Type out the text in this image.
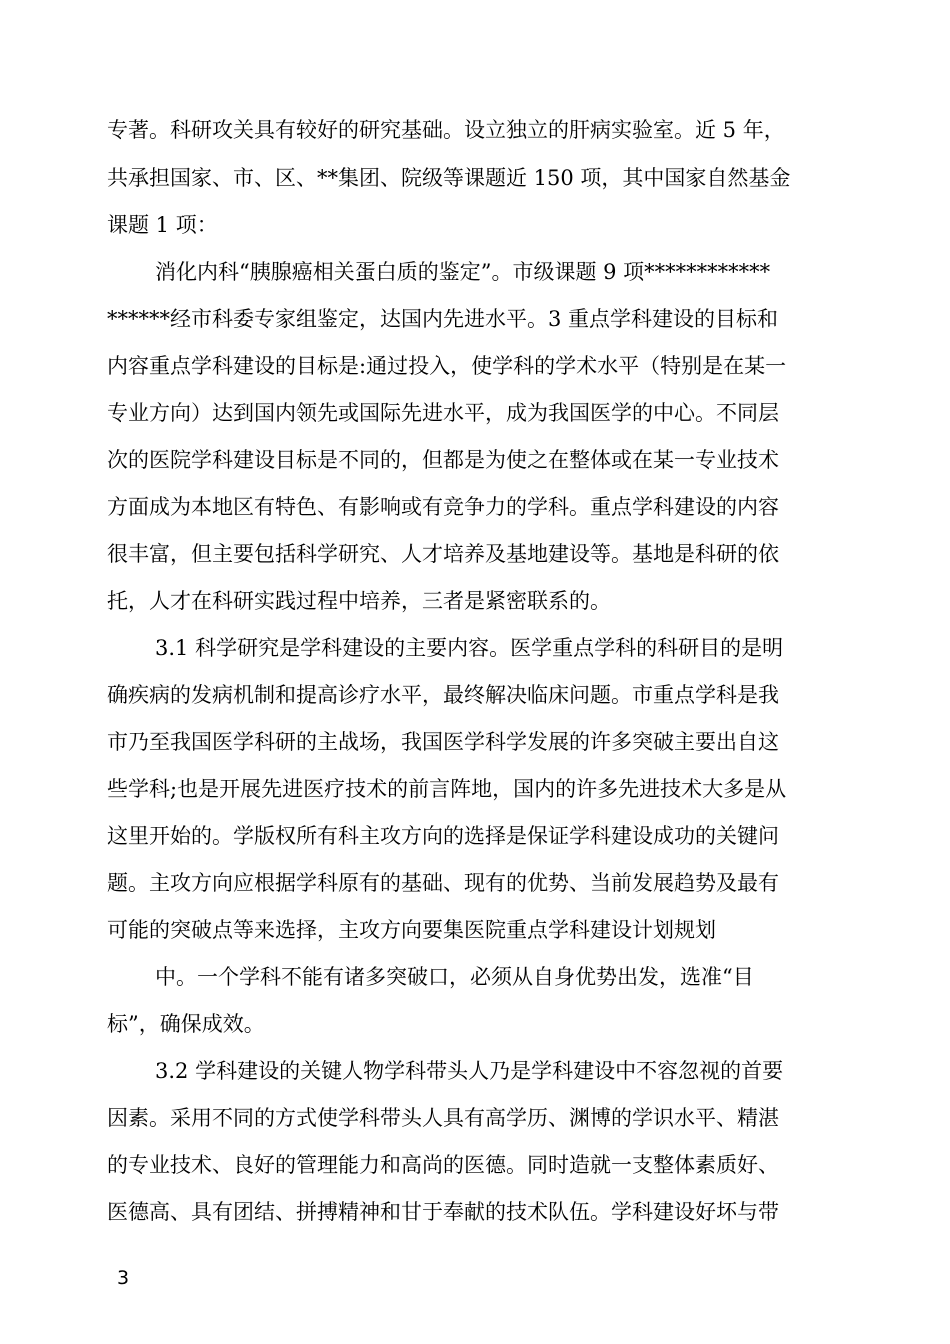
专著。科研攻关具有较好的研究基础。设立独立的肝病实验室。近 5 年，
共承担国家、市、区、**集团、院级等课题近 150 项，其中国家自然基金
课题 1 项：
消化内科“胰腺癌相关蛋白质的鉴定”。市级课题 9 项************
******经市科委专家组鉴定，达国内先进水平。3 重点学科建设的目标和
内容重点学科建设的目标是:通过投入，使学科的学术水平（特别是在某一
专业方向）达到国内领先或国际先进水平，成为我国医学的中心。不同层
次的医院学科建设目标是不同的，但都是为使之在整体或在某一专业技术
方面成为本地区有特色、有影响或有竞争力的学科。重点学科建设的内容
很丰富，但主要包括科学研究、人才培养及基地建设等。基地是科研的依
托，人才在科研实践过程中培养，三者是紧密联系的。
3.1 科学研究是学科建设的主要内容。医学重点学科的科研目的是明
确疾病的发病机制和提高诊疗水平，最终解决临床问题。市重点学科是我
市乃至我国医学科研的主战场，我国医学科学发展的许多突破主要出自这
些学科;也是开展先进医疗技术的前言阵地，国内的许多先进技术大多是从
这里开始的。学版权所有科主攻方向的选择是保证学科建设成功的关键问
题。主攻方向应根据学科原有的基础、现有的优势、当前发展趋势及最有
可能的突破点等来选择，主攻方向要集医院重点学科建设计划规划
中。一个学科不能有诸多突破口，必须从自身优势出发，选准“目
标”，确保成效。
3.2 学科建设的关键人物学科带头人乃是学科建设中不容忽视的首要
因素。采用不同的方式使学科带头人具有高学历、渊博的学识水平、精湛
的专业技术、良好的管理能力和高尚的医德。同时造就一支整体素质好、
医德高、具有团结、拼搏精神和甘于奉献的技术队伍。学科建设好坏与带
3
